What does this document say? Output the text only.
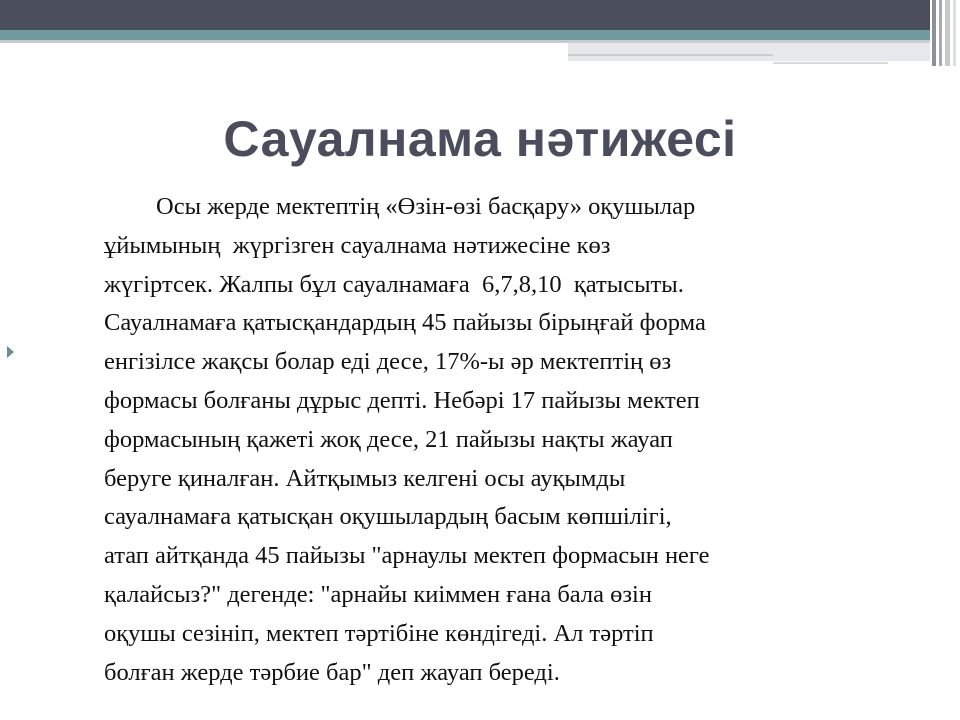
Сауалнама нәтижесі
Осы жерде мектептің «Өзін-өзі басқару» оқушылар
ұйымының  жүргізген сауалнама нәтижесіне көз
жүгіртсек. Жалпы бұл сауалнамаға  6,7,8,10  қатысыты.
Сауалнамаға қатысқандардың 45 пайызы бірыңғай форма
енгізілсе жақсы болар еді десе, 17%-ы әр мектептің өз
формасы болғаны дұрыс депті. Небәрі 17 пайызы мектеп
формасының қажеті жоқ десе, 21 пайызы нақты жауап
беруге қиналған. Айтқымыз келгені осы ауқымды
сауалнамаға қатысқан оқушылардың басым көпшілігі,
атап айтқанда 45 пайызы "арнаулы мектеп формасын неге
қалайсыз?" дегенде: "арнайы киіммен ғана бала өзін
оқушы сезініп, мектеп тәртібіне көндігеді. Ал тәртіп
болған жерде тәрбие бар" деп жауап береді.
